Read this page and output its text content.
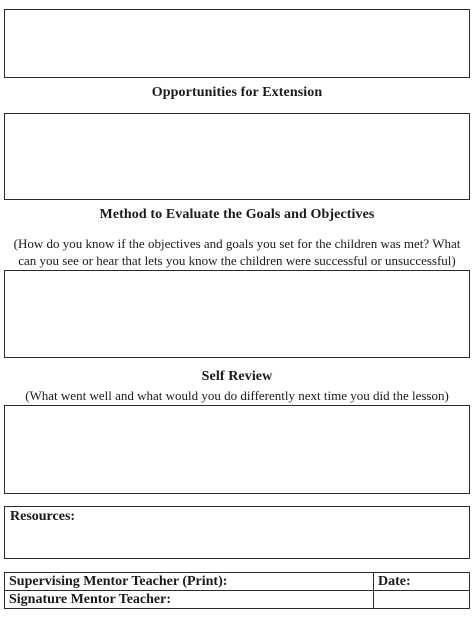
Opportunities for Extension
Method to Evaluate the Goals and Objectives
(How do you know if the objectives and goals you set for the children was met? What
can you see or hear that lets you know the children were successful or unsuccessful)
Self Review
(What went well and what would you do differently next time you did the lesson)
Resources:
Supervising Mentor Teacher (Print):	Date:
Signature Mentor Teacher:	
